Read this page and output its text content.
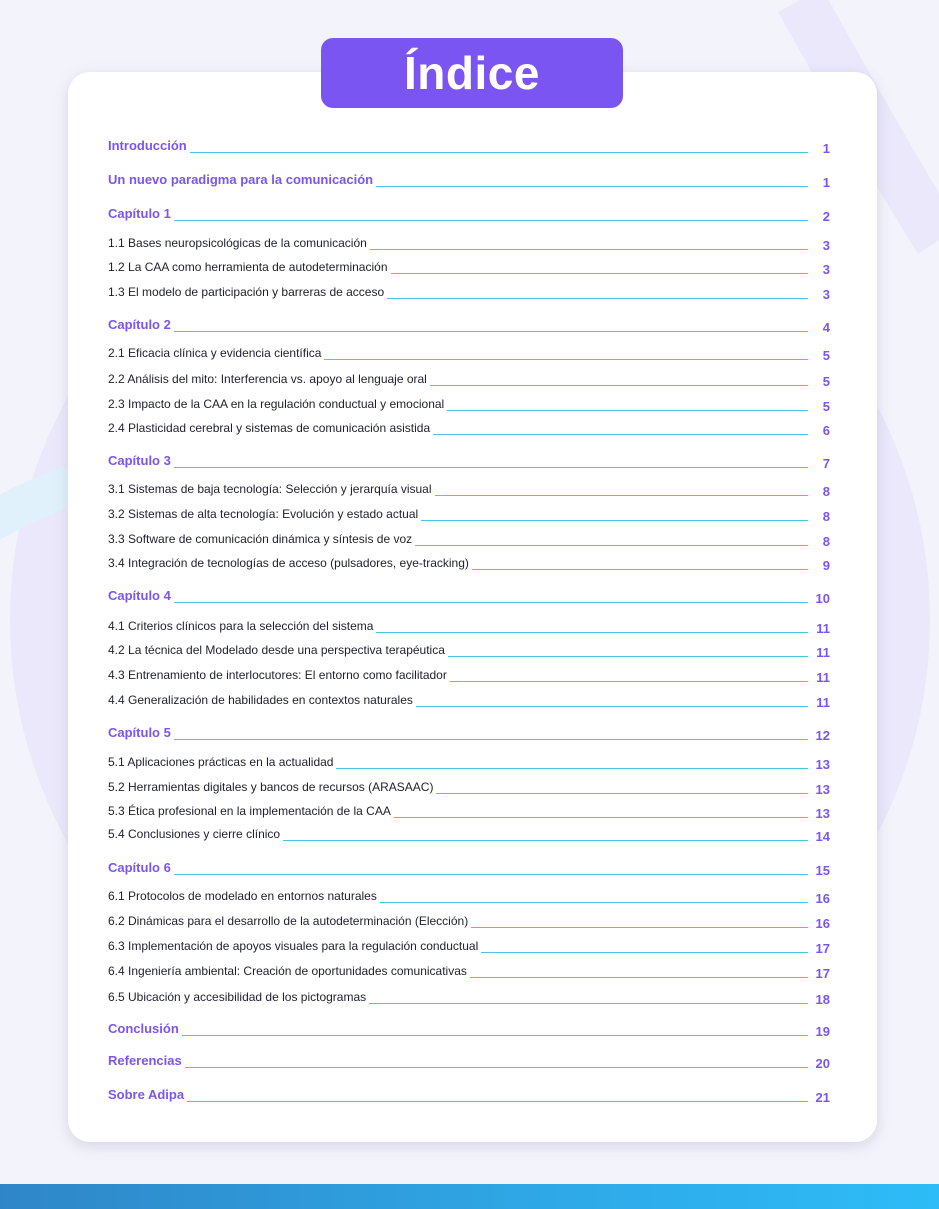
Índice
Introducción	1
Un nuevo paradigma para la comunicación	1
Capítulo 1	2
1.1 Bases neuropsicológicas de la comunicación	3
1.2 La CAA como herramienta de autodeterminación	3
1.3 El modelo de participación y barreras de acceso	3
Capítulo 2	4
2.1 Eficacia clínica y evidencia científica	5
2.2 Análisis del mito: Interferencia vs. apoyo al lenguaje oral	5
2.3 Impacto de la CAA en la regulación conductual y emocional	5
2.4 Plasticidad cerebral y sistemas de comunicación asistida	6
Capítulo 3	7
3.1 Sistemas de baja tecnología: Selección y jerarquía visual	8
3.2 Sistemas de alta tecnología: Evolución y estado actual	8
3.3 Software de comunicación dinámica y síntesis de voz	8
3.4 Integración de tecnologías de acceso (pulsadores, eye-tracking)	9
Capítulo 4	10
4.1 Criterios clínicos para la selección del sistema	11
4.2 La técnica del Modelado desde una perspectiva terapéutica	11
4.3 Entrenamiento de interlocutores: El entorno como facilitador	11
4.4 Generalización de habilidades en contextos naturales	11
Capítulo 5	12
5.1 Aplicaciones prácticas en la actualidad	13
5.2 Herramientas digitales y bancos de recursos (ARASAAC)	13
5.3 Ética profesional en la implementación de la CAA	13
5.4 Conclusiones y cierre clínico	14
Capítulo 6	15
6.1 Protocolos de modelado en entornos naturales	16
6.2 Dinámicas para el desarrollo de la autodeterminación (Elección)	16
6.3 Implementación de apoyos visuales para la regulación conductual	17
6.4 Ingeniería ambiental: Creación de oportunidades comunicativas	17
6.5 Ubicación y accesibilidad de los pictogramas	18
Conclusión	19
Referencias	20
Sobre Adipa	21
